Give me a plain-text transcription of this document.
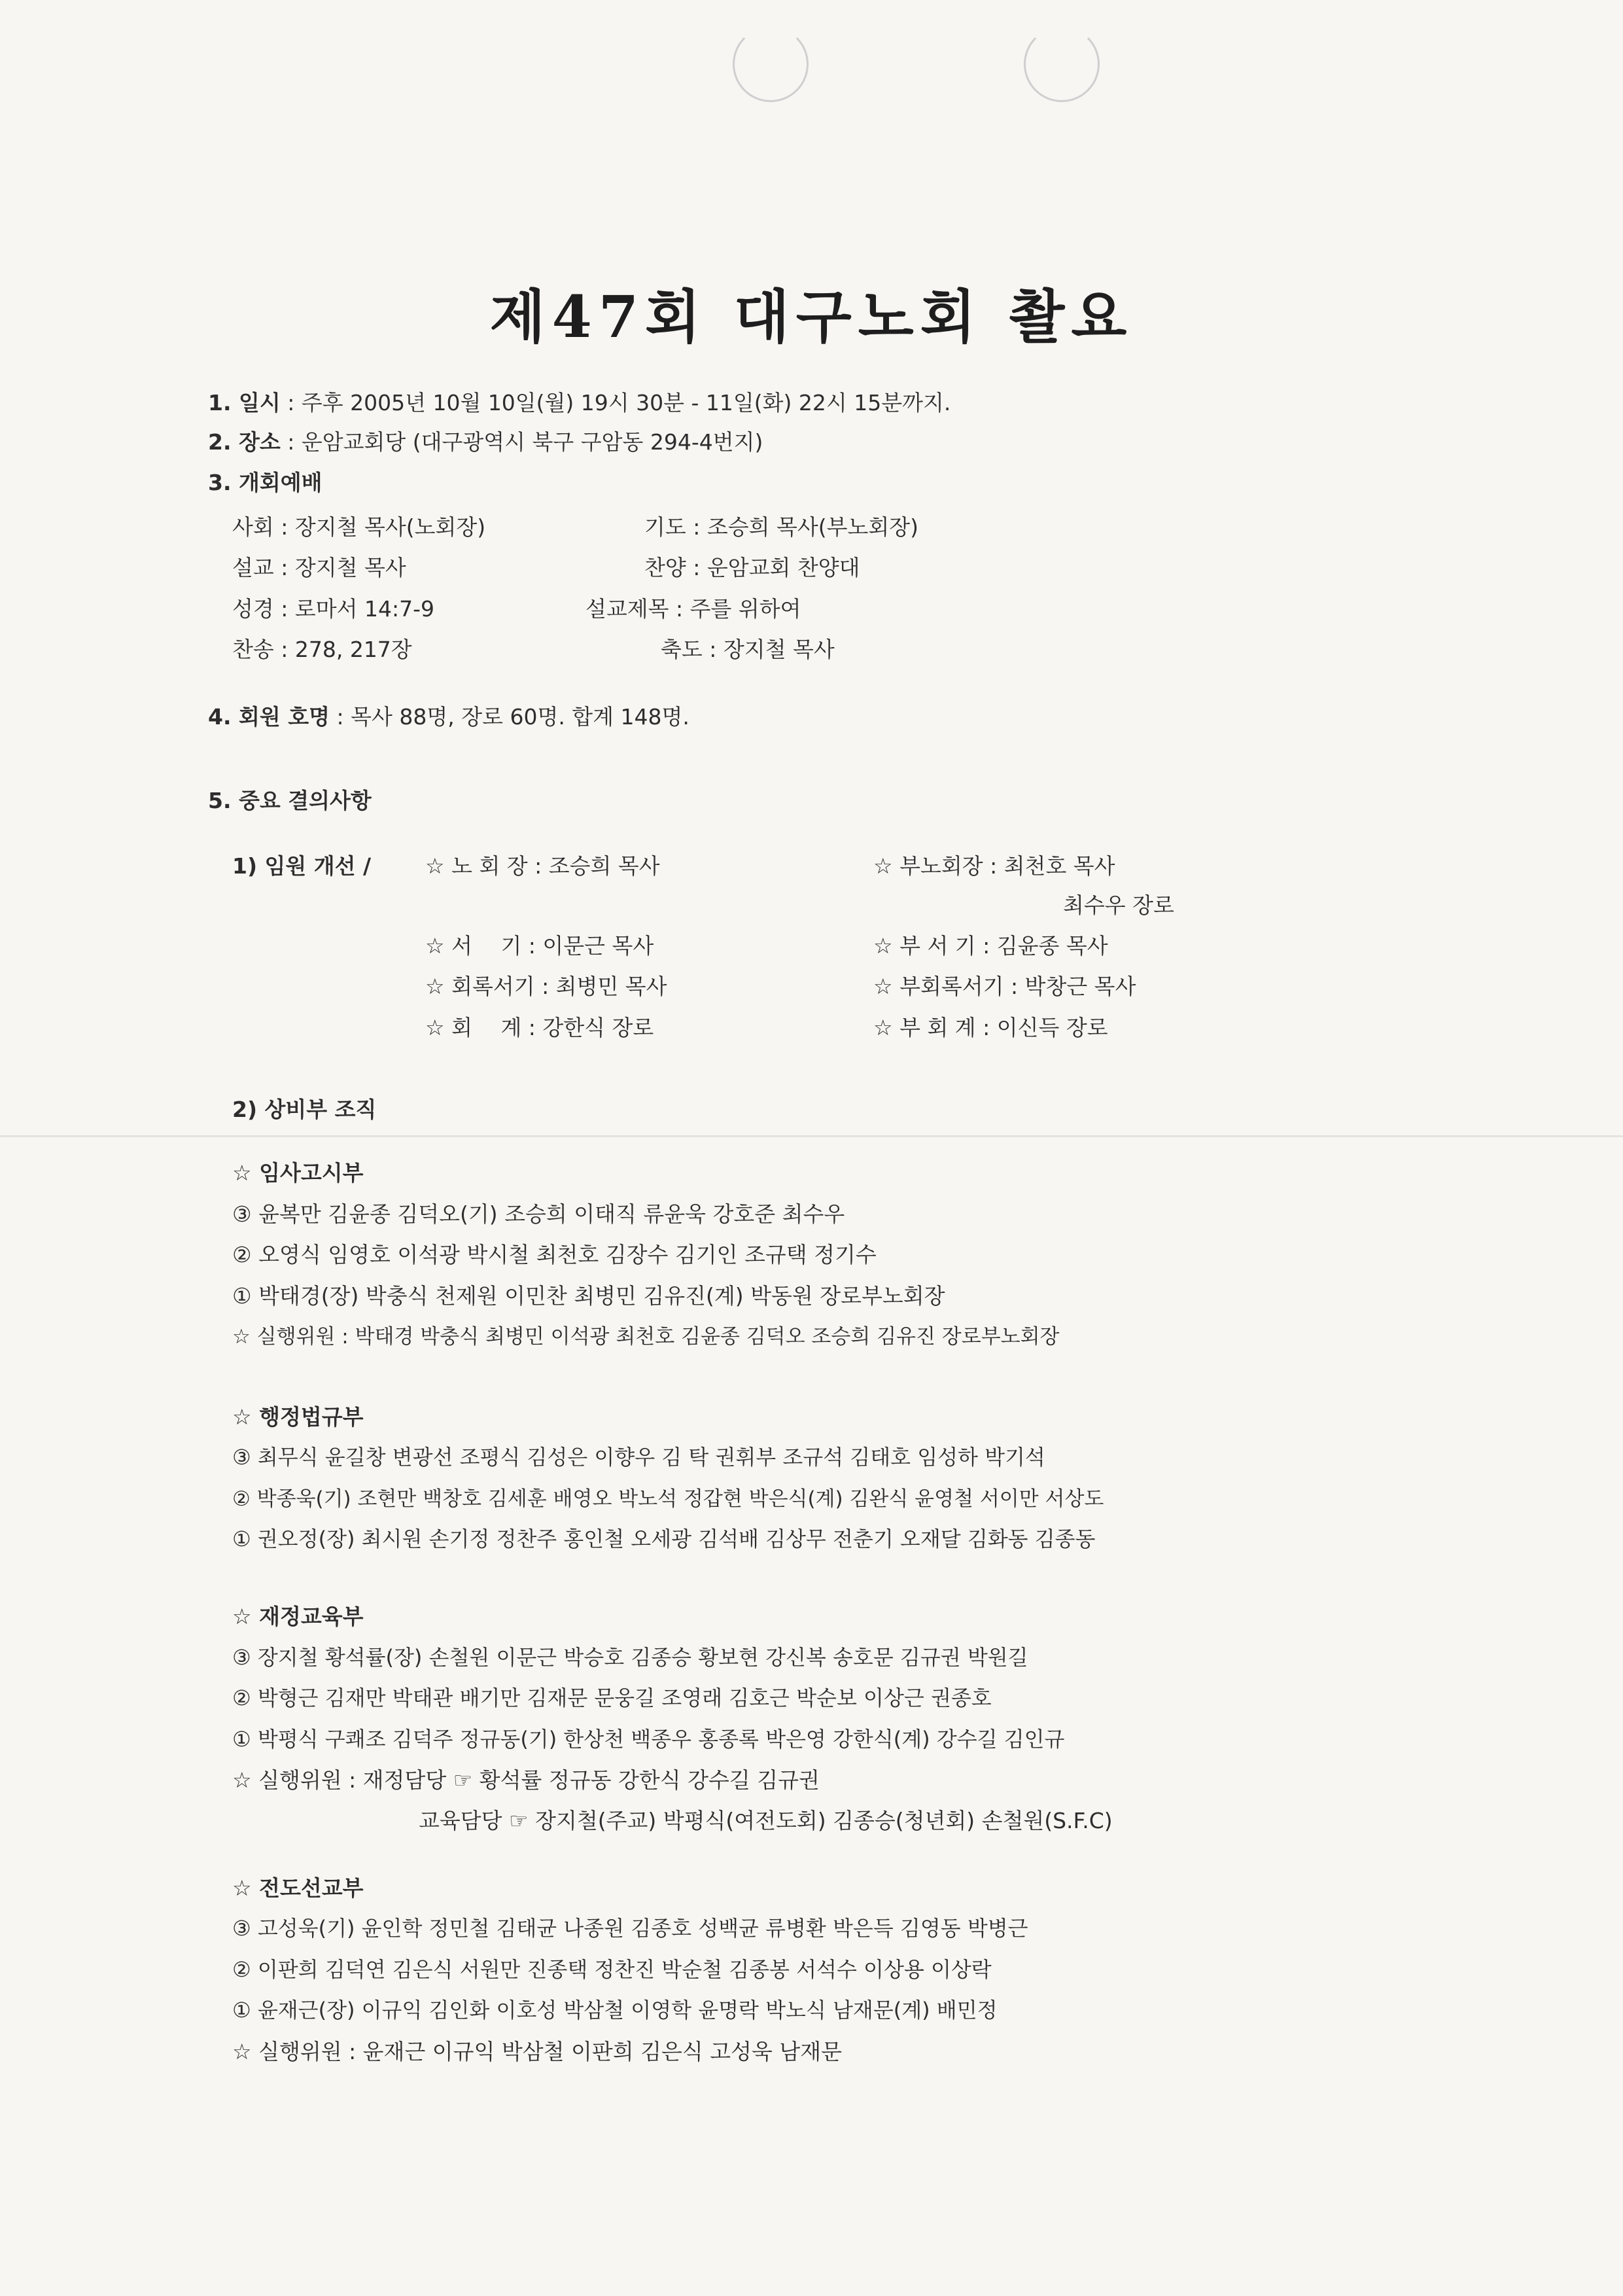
제47회 대구노회 촬요
1. 일시 : 주후 2005년 10월 10일(월) 19시 30분 - 11일(화) 22시 15분까지.
2. 장소 : 운암교회당 (대구광역시 북구 구암동 294-4번지)
3. 개회예배
사회 : 장지철 목사(노회장)	기도 : 조승희 목사(부노회장)
설교 : 장지철 목사	찬양 : 운암교회 찬양대
성경 : 로마서 14:7-9	설교제목 : 주를 위하여
찬송 : 278, 217장	축도 : 장지철 목사
4. 회원 호명 : 목사 88명, 장로 60명. 합계 148명.
5. 중요 결의사항
1) 임원 개선 /	☆ 노 회 장 : 조승희 목사	☆ 부노회장 : 최천호 목사
최수우 장로
☆ 서　 기 : 이문근 목사	☆ 부 서 기 : 김윤종 목사
☆ 회록서기 : 최병민 목사	☆ 부회록서기 : 박창근 목사
☆ 회　 계 : 강한식 장로	☆ 부 회 계 : 이신득 장로
2) 상비부 조직
☆ 임사고시부
③ 윤복만 김윤종 김덕오(기) 조승희 이태직 류윤욱 강호준 최수우
② 오영식 임영호 이석광 박시철 최천호 김장수 김기인 조규택 정기수
① 박태경(장) 박충식 천제원 이민찬 최병민 김유진(계) 박동원 장로부노회장
☆ 실행위원 : 박태경 박충식 최병민 이석광 최천호 김윤종 김덕오 조승희 김유진 장로부노회장
☆ 행정법규부
③ 최무식 윤길창 변광선 조평식 김성은 이향우 김 탁 권휘부 조규석 김태호 임성하 박기석
② 박종욱(기) 조현만 백창호 김세훈 배영오 박노석 정갑현 박은식(계) 김완식 윤영철 서이만 서상도
① 권오정(장) 최시원 손기정 정찬주 홍인철 오세광 김석배 김상무 전춘기 오재달 김화동 김종동
☆ 재정교육부
③ 장지철 황석률(장) 손철원 이문근 박승호 김종승 황보현 강신복 송호문 김규권 박원길
② 박형근 김재만 박태관 배기만 김재문 문웅길 조영래 김호근 박순보 이상근 권종호
① 박평식 구쾌조 김덕주 정규동(기) 한상천 백종우 홍종록 박은영 강한식(계) 강수길 김인규
☆ 실행위원 : 재정담당 ☞ 황석률 정규동 강한식 강수길 김규권
교육담당 ☞ 장지철(주교) 박평식(여전도회) 김종승(청년회) 손철원(S.F.C)
☆ 전도선교부
③ 고성욱(기) 윤인학 정민철 김태균 나종원 김종호 성백균 류병환 박은득 김영동 박병근
② 이판희 김덕연 김은식 서원만 진종택 정찬진 박순철 김종봉 서석수 이상용 이상락
① 윤재근(장) 이규익 김인화 이호성 박삼철 이영학 윤명락 박노식 남재문(계) 배민정
☆ 실행위원 : 윤재근 이규익 박삼철 이판희 김은식 고성욱 남재문
